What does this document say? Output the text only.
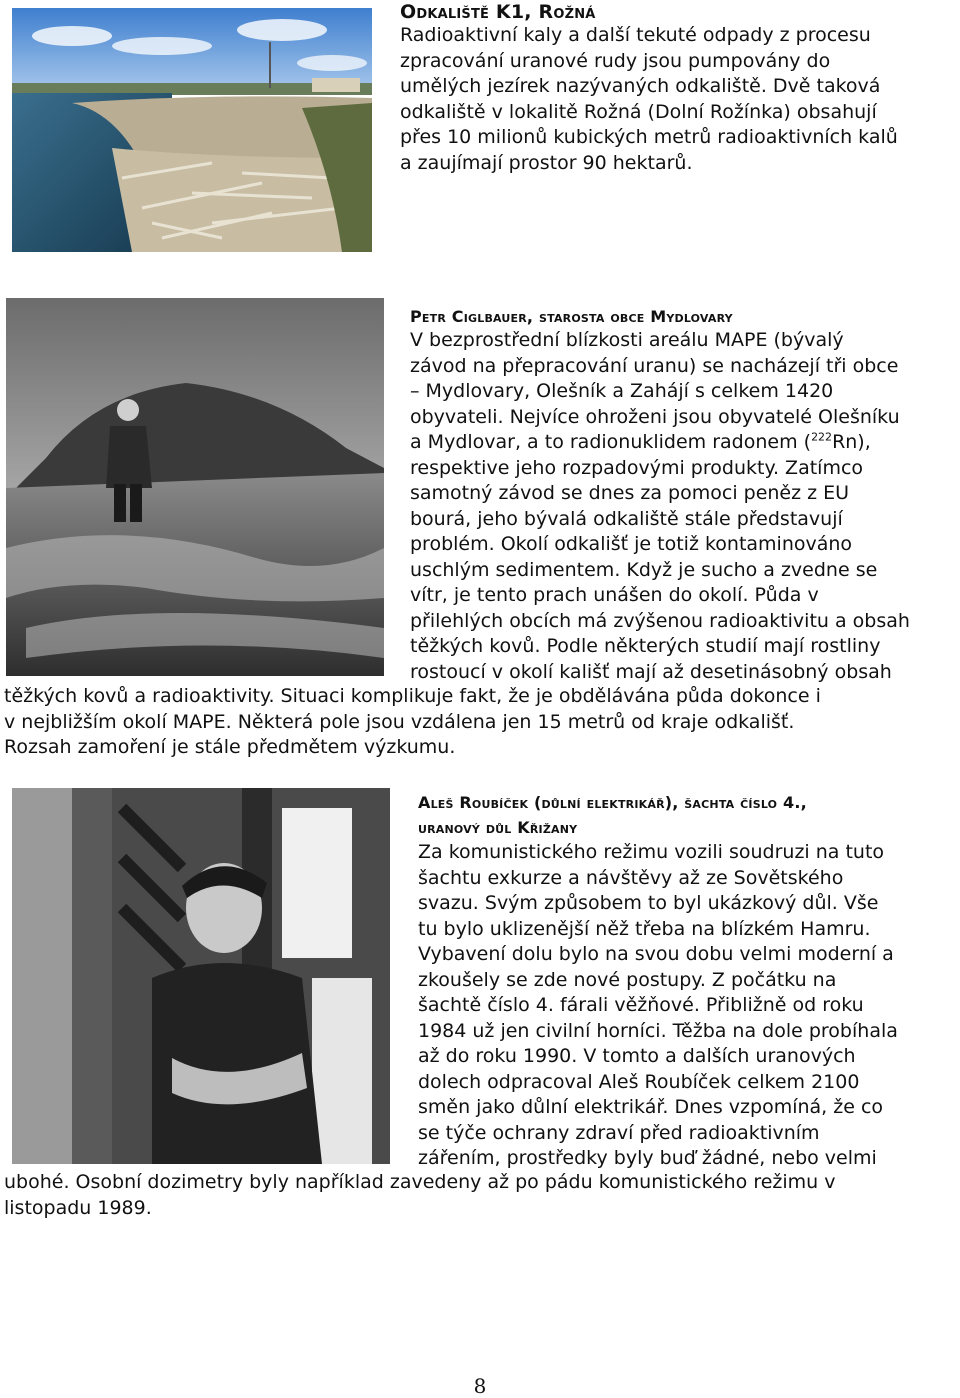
Odkaliště K1, Rožná

Radioaktivní kaly a další tekuté odpady z procesu

zpracování uranové rudy jsou pumpovány do

umělých jezírek nazývaných odkaliště. Dvě taková

odkaliště v lokalitě Rožná (Dolní Rožínka) obsahují

přes 10 milionů kubických metrů radioaktivních kalů

a zaujímají prostor 90 hektarů.

Petr Ciglbauer, starosta obce Mydlovary

V bezprostřední blízkosti areálu MAPE (bývalý

závod na přepracování uranu) se nacházejí tři obce

– Mydlovary, Olešník a Zahájí s celkem 1420

obyvateli. Nejvíce ohroženi jsou obyvatelé Olešníku

a Mydlovar, a to radionuklidem radonem ($^{222}$Rn),

respektive jeho rozpadovými produkty. Zatímco

samotný závod se dnes za pomoci peněz z EU

bourá, jeho bývalá odkaliště stále představují

problém. Okolí odkališť je totiž kontaminováno

uschlým sedimentem. Když je sucho a zvedne se

vítr, je tento prach unášen do okolí. Půda v

přilehlých obcích má zvýšenou radioaktivitu a obsah

těžkých kovů. Podle některých studií mají rostliny

rostoucí v okolí kališť mají až desetinásobný obsah

těžkých kovů a radioaktivity. Situaci komplikuje fakt, že je obdělávána půda dokonce i

v nejbližším okolí MAPE. Některá pole jsou vzdálena jen 15 metrů od kraje odkališť.

Rozsah zamoření je stále předmětem výzkumu.

Aleš Roubíček (důlní elektrikář), šachta číslo 4.,

uranový důl Křižany

Za komunistického režimu vozili soudruzi na tuto

šachtu exkurze a návštěvy až ze Sovětského

svazu. Svým způsobem to byl ukázkový důl. Vše

tu bylo uklizenější něž třeba na blízkém Hamru.

Vybavení dolu bylo na svou dobu velmi moderní a

zkoušely se zde nové postupy. Z počátku na

šachtě číslo 4. fárali věžňové. Přibližně od roku

1984 už jen civilní horníci. Těžba na dole probíhala

až do roku 1990. V tomto a dalších uranových

dolech odpracoval Aleš Roubíček celkem 2100

směn jako důlní elektrikář. Dnes vzpomíná, že co

se týče ochrany zdraví před radioaktivním

zářením, prostředky byly buď žádné, nebo velmi

ubohé. Osobní dozimetry byly například zavedeny až po pádu komunistického režimu v

listopadu 1989.

8
